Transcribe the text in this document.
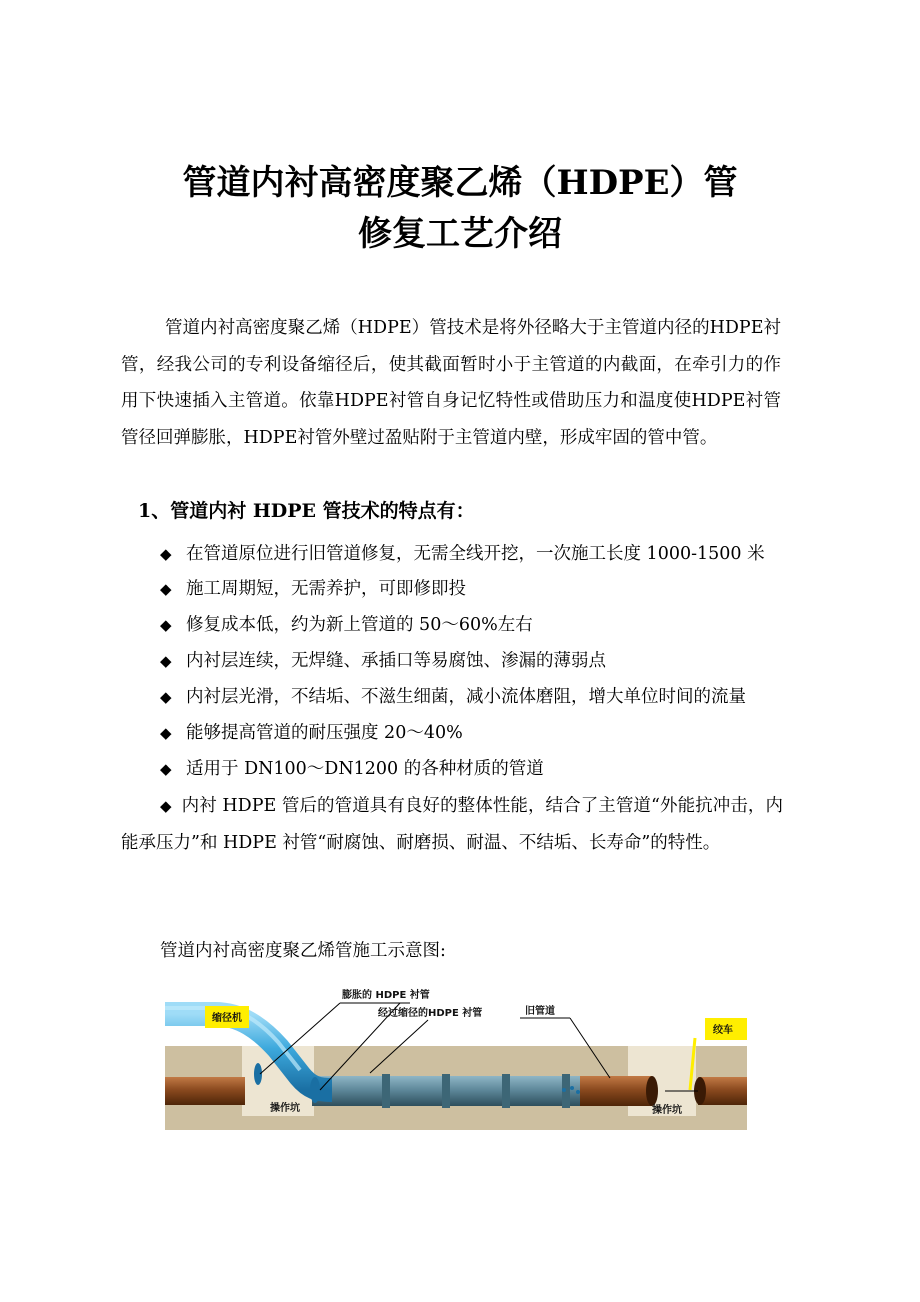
管道内衬高密度聚乙烯（HDPE）管
修复工艺介绍

管道内衬高密度聚乙烯（HDPE）管技术是将外径略大于主管道内径的HDPE衬管，经我公司的专利设备缩径后，使其截面暂时小于主管道的内截面，在牵引力的作用下快速插入主管道。依靠HDPE衬管自身记忆特性或借助压力和温度使HDPE衬管管径回弹膨胀，HDPE衬管外壁过盈贴附于主管道内壁，形成牢固的管中管。

1、管道内衬 HDPE 管技术的特点有：
◆ 在管道原位进行旧管道修复，无需全线开挖，一次施工长度 1000-1500 米
◆ 施工周期短，无需养护，可即修即投
◆ 修复成本低，约为新上管道的 50～60%左右
◆ 内衬层连续，无焊缝、承插口等易腐蚀、渗漏的薄弱点
◆ 内衬层光滑，不结垢、不滋生细菌，减小流体磨阻，增大单位时间的流量
◆ 能够提高管道的耐压强度 20～40%
◆ 适用于 DN100～DN1200 的各种材质的管道

◆ 内衬 HDPE 管后的管道具有良好的整体性能，结合了主管道“外能抗冲击，内能承压力”和 HDPE 衬管“耐腐蚀、耐磨损、耐温、不结垢、长寿命”的特性。

管道内衬高密度聚乙烯管施工示意图:
缩径机
膨胀的 HDPE 衬管
经过缩径的HDPE 衬管	旧管道
绞车
操作坑	操作坑
